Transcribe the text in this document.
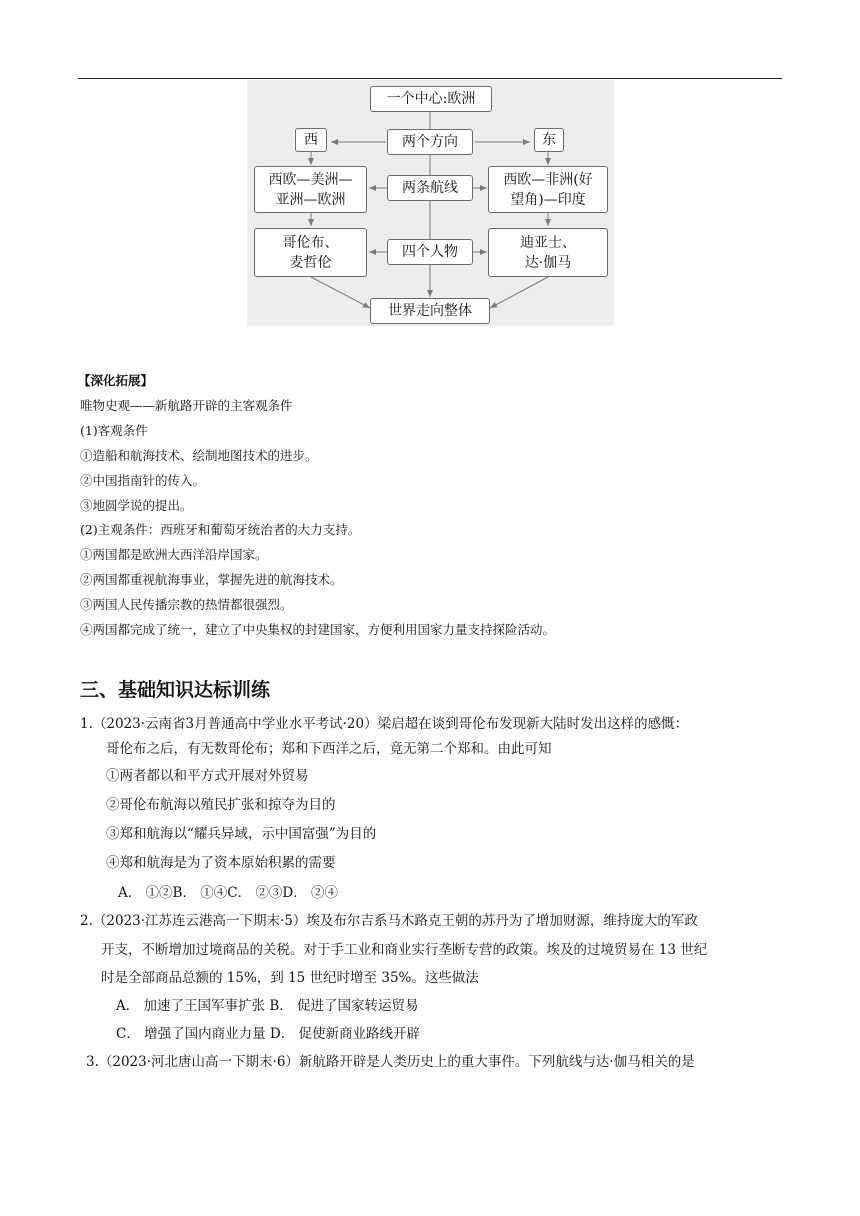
一个中心:欧洲
西	两个方向	东
西欧—美洲—
亚洲—欧洲
两条航线
西欧—非洲(好
望角)—印度
哥伦布、
麦哲伦
四个人物
迪亚士、
达·伽马
世界走向整体
【深化拓展】
唯物史观——新航路开辟的主客观条件
(1)客观条件
①造船和航海技术、绘制地图技术的进步。
②中国指南针的传入。
③地圆学说的提出。
(2)主观条件：西班牙和葡萄牙统治者的大力支持。
①两国都是欧洲大西洋沿岸国家。
②两国都重视航海事业，掌握先进的航海技术。
③两国人民传播宗教的热情都很强烈。
④两国都完成了统一，建立了中央集权的封建国家，方便利用国家力量支持探险活动。
三、基础知识达标训练
1.（2023·云南省3月普通高中学业水平考试·20）梁启超在谈到哥伦布发现新大陆时发出这样的感慨：
哥伦布之后，有无数哥伦布；郑和下西洋之后，竟无第二个郑和。由此可知
①两者都以和平方式开展对外贸易
②哥伦布航海以殖民扩张和掠夺为目的
③郑和航海以“耀兵异域，示中国富强”为目的
④郑和航海是为了资本原始积累的需要
A． ①②B． ①④C． ②③D． ②④
2.（2023·江苏连云港高一下期末·5）埃及布尔吉系马木路克王朝的苏丹为了增加财源，维持庞大的军政
开支，不断增加过境商品的关税。对于手工业和商业实行垄断专营的政策。埃及的过境贸易在 13 世纪
时是全部商品总额的 15%，到 15 世纪时增至 35%。这些做法
A． 加速了王国军事扩张 B． 促进了国家转运贸易
C． 增强了国内商业力量 D． 促使新商业路线开辟
3.（2023·河北唐山高一下期末·6）新航路开辟是人类历史上的重大事件。下列航线与达·伽马相关的是
